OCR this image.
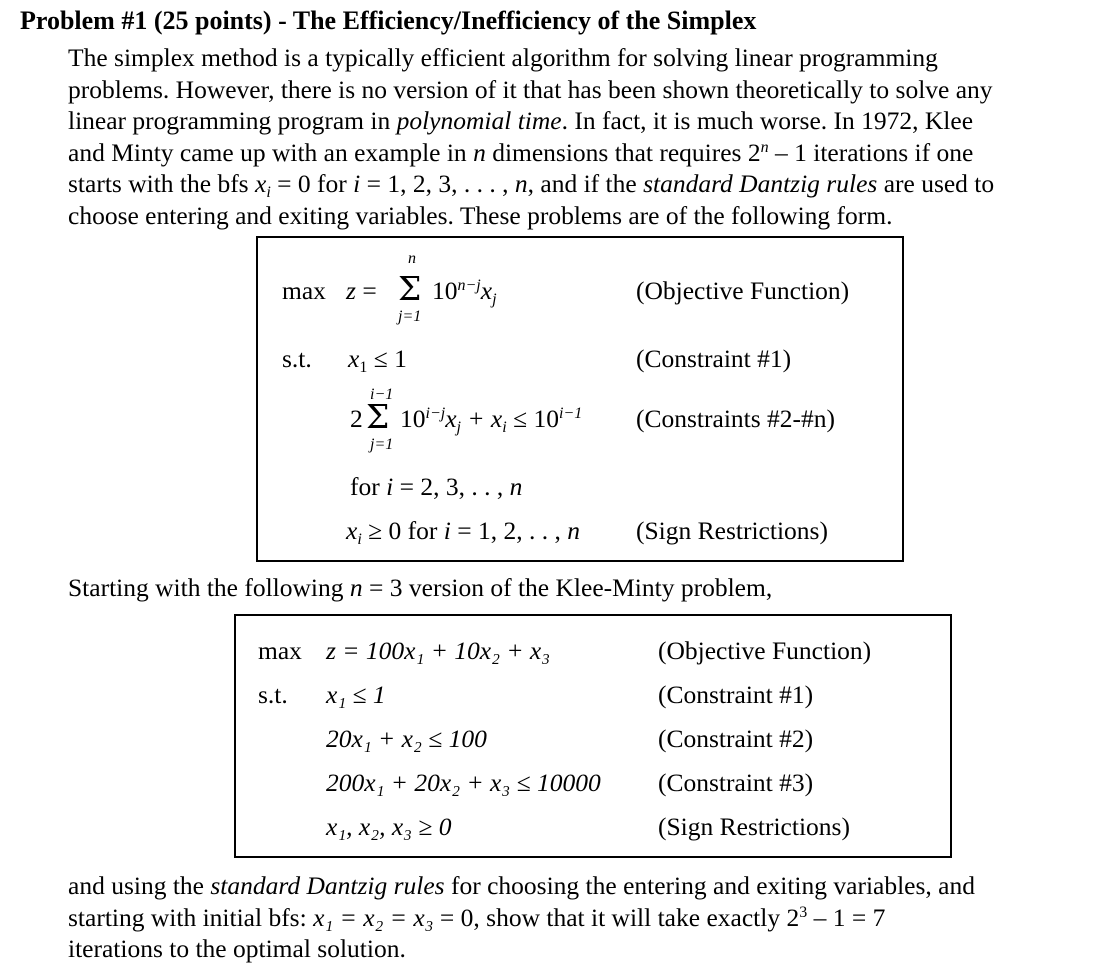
Problem #1 (25 points) - The Efficiency/Inefficiency of the Simplex
The simplex method is a typically efficient algorithm for solving linear programming
problems. However, there is no version of it that has been shown theoretically to solve any
linear programming program in polynomial time. In fact, it is much worse. In 1972, Klee
and Minty came up with an example in n dimensions that requires 2$^n$ – 1 iterations if one
starts with the bfs $x_i = 0$ for i = 1, 2, 3, . . . , n, and if the standard Dantzig rules are used to
choose entering and exiting variables. These problems are of the following form.
max z =
n
Σ
j=1
$10^{n-j}x_j$	(Objective Function)
s.t. $x_1 \le 1$	(Constraint #1)
i−1
2 Σ
j=1
$10^{i-j}x_j + x_i \le 10^{i-1}$ (Constraints #2-#n)
for i = 2, 3, . . , n
$x_i \ge 0$ for i = 1, 2, . . , n (Sign Restrictions)
Starting with the following n = 3 version of the Klee-Minty problem,
max z = 100x₁ + 10x₂ + x₃	(Objective Function)
s.t. x₁ ≤ 1	(Constraint #1)
20x₁ + x₂ ≤ 100	(Constraint #2)
200x₁ + 20x₂ + x₃ ≤ 10000 (Constraint #3)
x₁, x₂, x₃ ≥ 0	(Sign Restrictions)
and using the standard Dantzig rules for choosing the entering and exiting variables, and
starting with initial bfs: x₁ = x₂ = x₃ = 0, show that it will take exactly $2^3 - 1 = 7$
iterations to the optimal solution.
